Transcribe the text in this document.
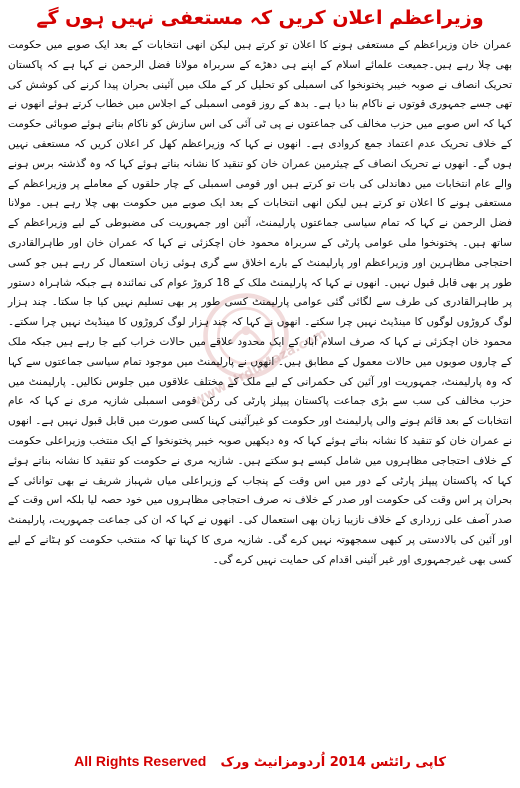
وزیراعظم اعلان کریں کہ مستعفی نہیں ہوں گے
www.UrduMaza.com

عمران خان وزیراعظم کے مستعفی ہونے کا اعلان تو کرتے ہیں لیکن انھی انتخابات کے بعد ایک صوبے میں حکومت بھی چلا رہے ہیں۔جمیعت علمائے اسلام کے اپنے ہی دھڑے کے سربراہ مولانا فضل الرحمن نے کہا ہے کہ پاکستان تحریک انصاف نے صوبہ خیبر پختونخوا کی اسمبلی کو تحلیل کر کے ملک میں آئینی بحران پیدا کرنے کی کوشش کی تھی جسے جمہوری قوتوں نے ناکام بنا دیا ہے۔ بدھ کے روز قومی اسمبلی کے اجلاس میں خطاب کرتے ہوئے انھوں نے کہا کہ اس صوبے میں حزب مخالف کی جماعتوں نے پی ٹی آئی کی اس سازش کو ناکام بناتے ہوئے صوبائی حکومت کے خلاف تحریک عدم اعتماد جمع کروادی ہے۔ انھوں نے کہا کہ وزیراعظم کھل کر اعلان کریں کہ مستعفی نہیں ہوں گے۔ انھوں نے تحریک انصاف کے چیئرمین عمران خان کو تنقید کا نشانہ بناتے ہوئے کہا کہ وہ گذشتہ برس ہونے والے عام انتخابات میں دھاندلی کی بات تو کرتے ہیں اور قومی اسمبلی کے چار حلقوں کے معاملے پر وزیراعظم کے مستعفی ہونے کا اعلان تو کرتے ہیں لیکن انھی انتخابات کے بعد ایک صوبے میں حکومت بھی چلا رہے ہیں۔ مولانا فضل الرحمن نے کہا کہ تمام سیاسی جماعتوں پارلیمنٹ، آئین اور جمہوریت کی مضبوطی کے لیے وزیراعظم کے ساتھ ہیں۔ پختونخوا ملی عوامی پارٹی کے سربراہ محمود خان اچکزئی نے کہا کہ عمران خان اور طاہرالقادری احتجاجی مظاہرین اور وزیراعظم اور پارلیمنٹ کے بارے اخلاق سے گری ہوئی زبان استعمال کر رہے ہیں جو کسی طور پر بھی قابل قبول نہیں۔ انھوں نے کہا کہ پارلیمنٹ ملک کے 18 کروڑ عوام کی نمائندہ ہے جبکہ شاہراہ دستور پر طاہرالقادری کی طرف سے لگائی گئی عوامی پارلیمنٹ کسی طور پر بھی تسلیم نہیں کیا جا سکتا۔ چند ہزار لوگ کروڑوں لوگوں کا مینڈیٹ نہیں چرا سکتے۔ انھوں نے کہا کہ چند ہزار لوگ کروڑوں کا مینڈیٹ نہیں چرا سکتے۔ محمود خان اچکزئی نے کہا کہ صرف اسلام آباد کے ایک محدود علاقے میں حالات خراب کیے جا رہے ہیں جبکہ ملک کے چاروں صوبوں میں حالات معمول کے مطابق ہیں۔ انھوں نے پارلیمنٹ میں موجود تمام سیاسی جماعتوں سے کہا کہ وہ پارلیمنٹ، جمہوریت اور آئین کی حکمرانی کے لیے ملک کے مختلف علاقوں میں جلوس نکالیں۔ پارلیمنٹ میں حزب مخالف کی سب سے بڑی جماعت پاکستان پیپلز پارٹی کی رکن قومی اسمبلی شازیہ مری نے کہا کہ عام انتخابات کے بعد قائم ہونے والی پارلیمنٹ اور حکومت کو غیرآئینی کہنا کسی صورت میں قابل قبول نہیں ہے۔ انھوں نے عمران خان کو تنقید کا نشانہ بناتے ہوئے کہا کہ وہ دیکھیں صوبہ خیبر پختونخوا کے ایک منتخب وزیراعلی حکومت کے خلاف احتجاجی مظاہروں میں شامل کیسے ہو سکتے ہیں۔ شازیہ مری نے حکومت کو تنقید کا نشانہ بناتے ہوئے کہا کہ پاکستان پیپلز پارٹی کے دور میں اس وقت کے پنجاب کے وزیراعلی میاں شہباز شریف نے بھی توانائی کے بحران پر اس وقت کی حکومت اور صدر کے خلاف نہ صرف احتجاجی مظاہروں میں خود حصہ لیا بلکہ اس وقت کے صدر آصف علی زرداری کے خلاف نازیبا زبان بھی استعمال کی۔ انھوں نے کہا کہ ان کی جماعت جمہوریت، پارلیمنٹ اور آئین کی بالادستی پر کبھی سمجھوتہ نہیں کرے گی۔ شازیہ مری کا کہنا تھا کہ منتخب حکومت کو ہٹانے کے لیے کسی بھی غیرجمہوری اور غیر آئینی اقدام کی حمایت نہیں کرے گی۔

All Rights Reserved کاپی رائٹس 2014 اُردومزانیٹ ورک
